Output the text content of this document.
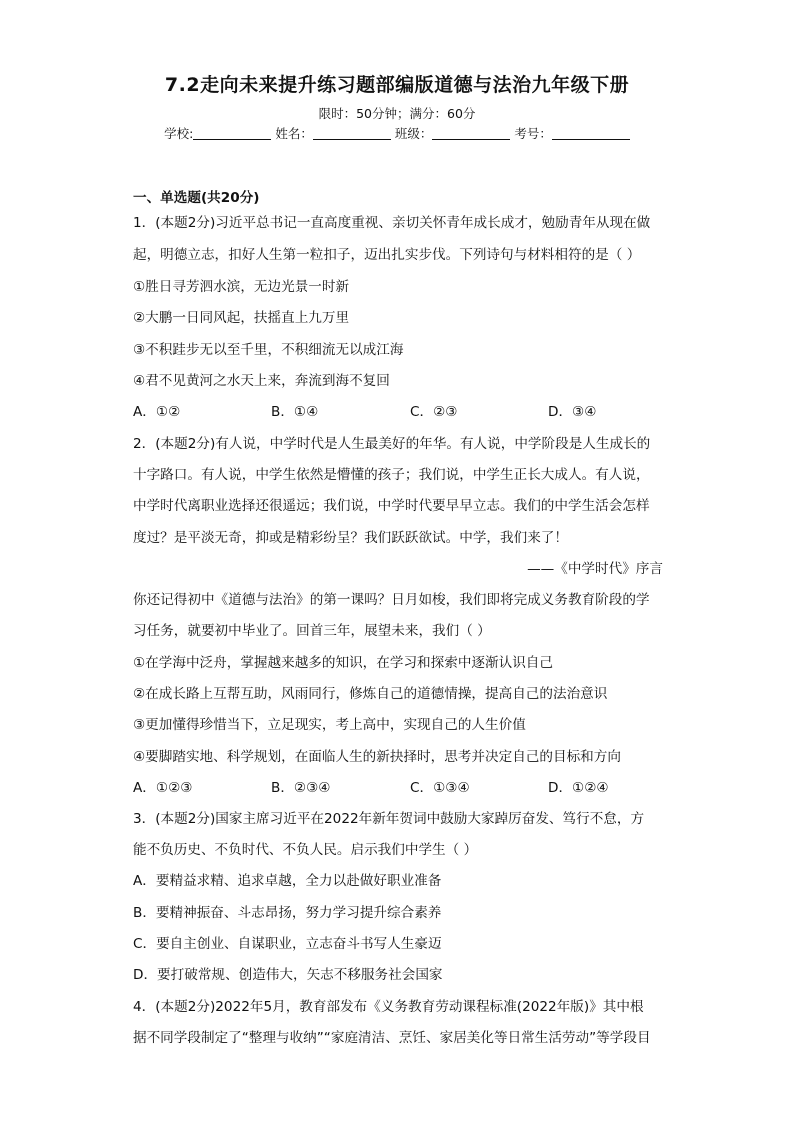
7.2走向未来提升练习题部编版道德与法治九年级下册
限时：50分钟；满分：60分
学校:	姓名：	班级：	考号：
一、单选题(共20分)
1．(本题2分)习近平总书记一直高度重视、亲切关怀青年成长成才，勉励青年从现在做
起，明德立志，扣好人生第一粒扣子，迈出扎实步伐。下列诗句与材料相符的是（ ）
①胜日寻芳泗水滨，无边光景一时新
②大鹏一日同风起，扶摇直上九万里
③不积跬步无以至千里，不积细流无以成江海
④君不见黄河之水天上来，奔流到海不复回
A．①②	B．①④	C．②③	D．③④
2．(本题2分)有人说，中学时代是人生最美好的年华。有人说，中学阶段是人生成长的
十字路口。有人说，中学生依然是懵懂的孩子；我们说，中学生正长大成人。有人说，
中学时代离职业选择还很遥远；我们说，中学时代要早早立志。我们的中学生活会怎样
度过？是平淡无奇，抑或是精彩纷呈？我们跃跃欲试。中学，我们来了！
——《中学时代》序言
你还记得初中《道德与法治》的第一课吗？日月如梭，我们即将完成义务教育阶段的学
习任务，就要初中毕业了。回首三年，展望未来，我们（ ）
①在学海中泛舟，掌握越来越多的知识，在学习和探索中逐渐认识自己
②在成长路上互帮互助，风雨同行，修炼自己的道德情操，提高自己的法治意识
③更加懂得珍惜当下，立足现实，考上高中，实现自己的人生价值
④要脚踏实地、科学规划，在面临人生的新抉择时，思考并决定自己的目标和方向
A．①②③	B．②③④	C．①③④	D．①②④
3．(本题2分)国家主席习近平在2022年新年贺词中鼓励大家踔厉奋发、笃行不怠，方
能不负历史、不负时代、不负人民。启示我们中学生（ ）
A．要精益求精、追求卓越，全力以赴做好职业准备
B．要精神振奋、斗志昂扬，努力学习提升综合素养
C．要自主创业、自谋职业，立志奋斗书写人生豪迈
D．要打破常规、创造伟大，矢志不移服务社会国家
4．(本题2分)2022年5月，教育部发布《义务教育劳动课程标准(2022年版)》其中根
据不同学段制定了“整理与收纳”“家庭清洁、烹饪、家居美化等日常生活劳动”等学段目
